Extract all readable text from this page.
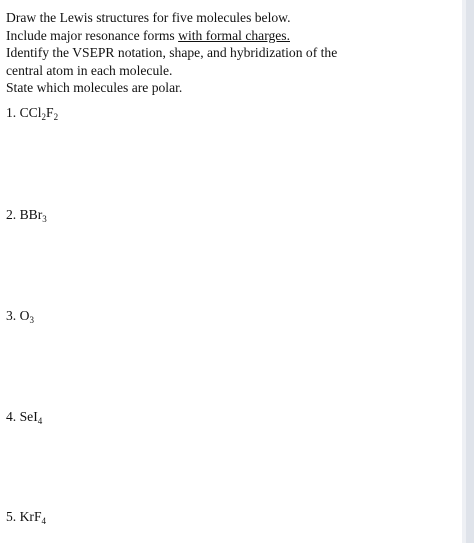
Draw the Lewis structures for five molecules below.
Include major resonance forms with formal charges.
Identify the VSEPR notation, shape, and hybridization of the
central atom in each molecule.
State which molecules are polar.
1. $CCl_2F_2$
2. BBr$_3$
3. $O_3$
4. SeI$_4$
5. KrF$_4$
